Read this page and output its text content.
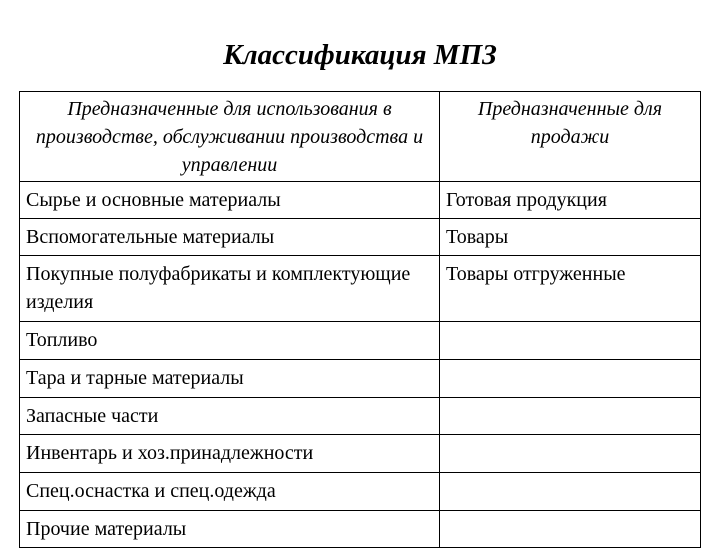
Классификация МПЗ
Предназначенные для использования в производстве, обслуживании производства и управлении	Предназначенные для продажи
Сырье и основные материалы	Готовая продукция
Вспомогательные материалы	Товары
Покупные полуфабрикаты и комплектующие изделия	Товары отгруженные
Топливо	
Тара и тарные материалы	
Запасные части	
Инвентарь и хоз.принадлежности	
Спец.оснастка и спец.одежда	
Прочие материалы	
